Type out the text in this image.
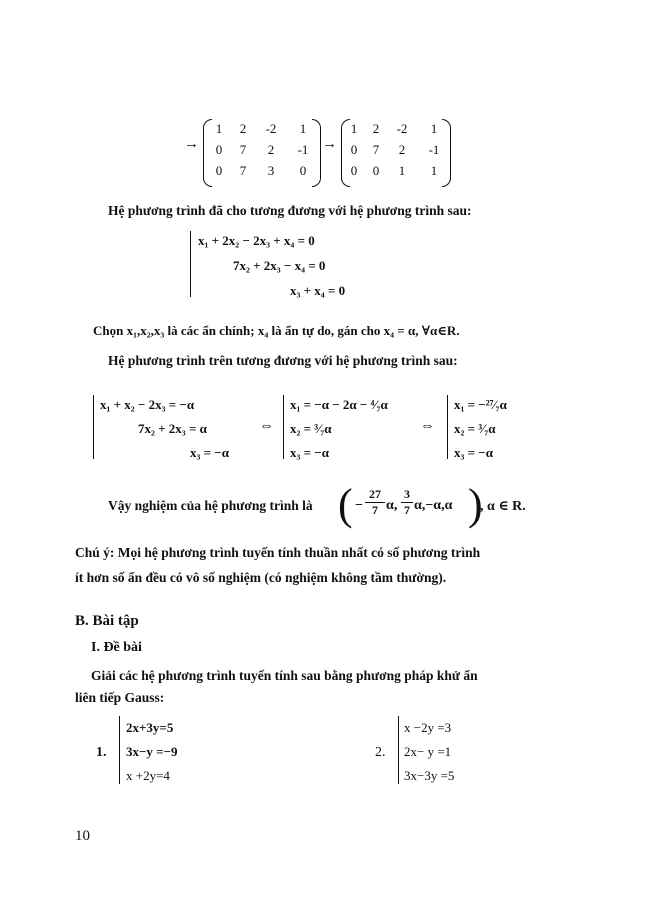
→
1	2	-2	1
0	7	2	-1
0	7	3	0
→
1	2	-2	1
0	7	2	-1
0	0	1	1
Hệ phương trình đã cho tương đương với hệ phương trình sau:
x₁ + 2x₂ − 2x₃ + x₄ = 0
7x₂ + 2x₃ − x₄ = 0
x₃ + x₄ = 0
Chọn x₁,x₂,x₃ là các ẩn chính; x₄ là ẩn tự do, gán cho x₄ = α, ∀α∈R.
Hệ phương trình trên tương đương với hệ phương trình sau:
x₁ + x₂ − 2x₃ = −α
7x₂ + 2x₃ = α
x₃ = −α
⇔
x₁ = −α − 2α − ⁴⁄₇α
x₂ = ³⁄₇α
x₃ = −α
⇔
x₁ = −²⁷⁄₇α
x₂ = ³⁄₇α
x₃ = −α
Vậy nghiệm của hệ phương trình là ( −
27
7 α,
3
7 α,−α,α )
, α ∈ R.
Chú ý: Mọi hệ phương trình tuyến tính thuần nhất có số phương trình
ít hơn số ẩn đều có vô số nghiệm (có nghiệm không tầm thường).
B. Bài tập
I. Đề bài
Giải các hệ phương trình tuyến tính sau bằng phương pháp khử ẩn
liên tiếp Gauss:
1.
2x+3y=5
3x−y =−9
x +2y=4
2.
x −2y =3
2x− y =1
3x−3y =5
10
